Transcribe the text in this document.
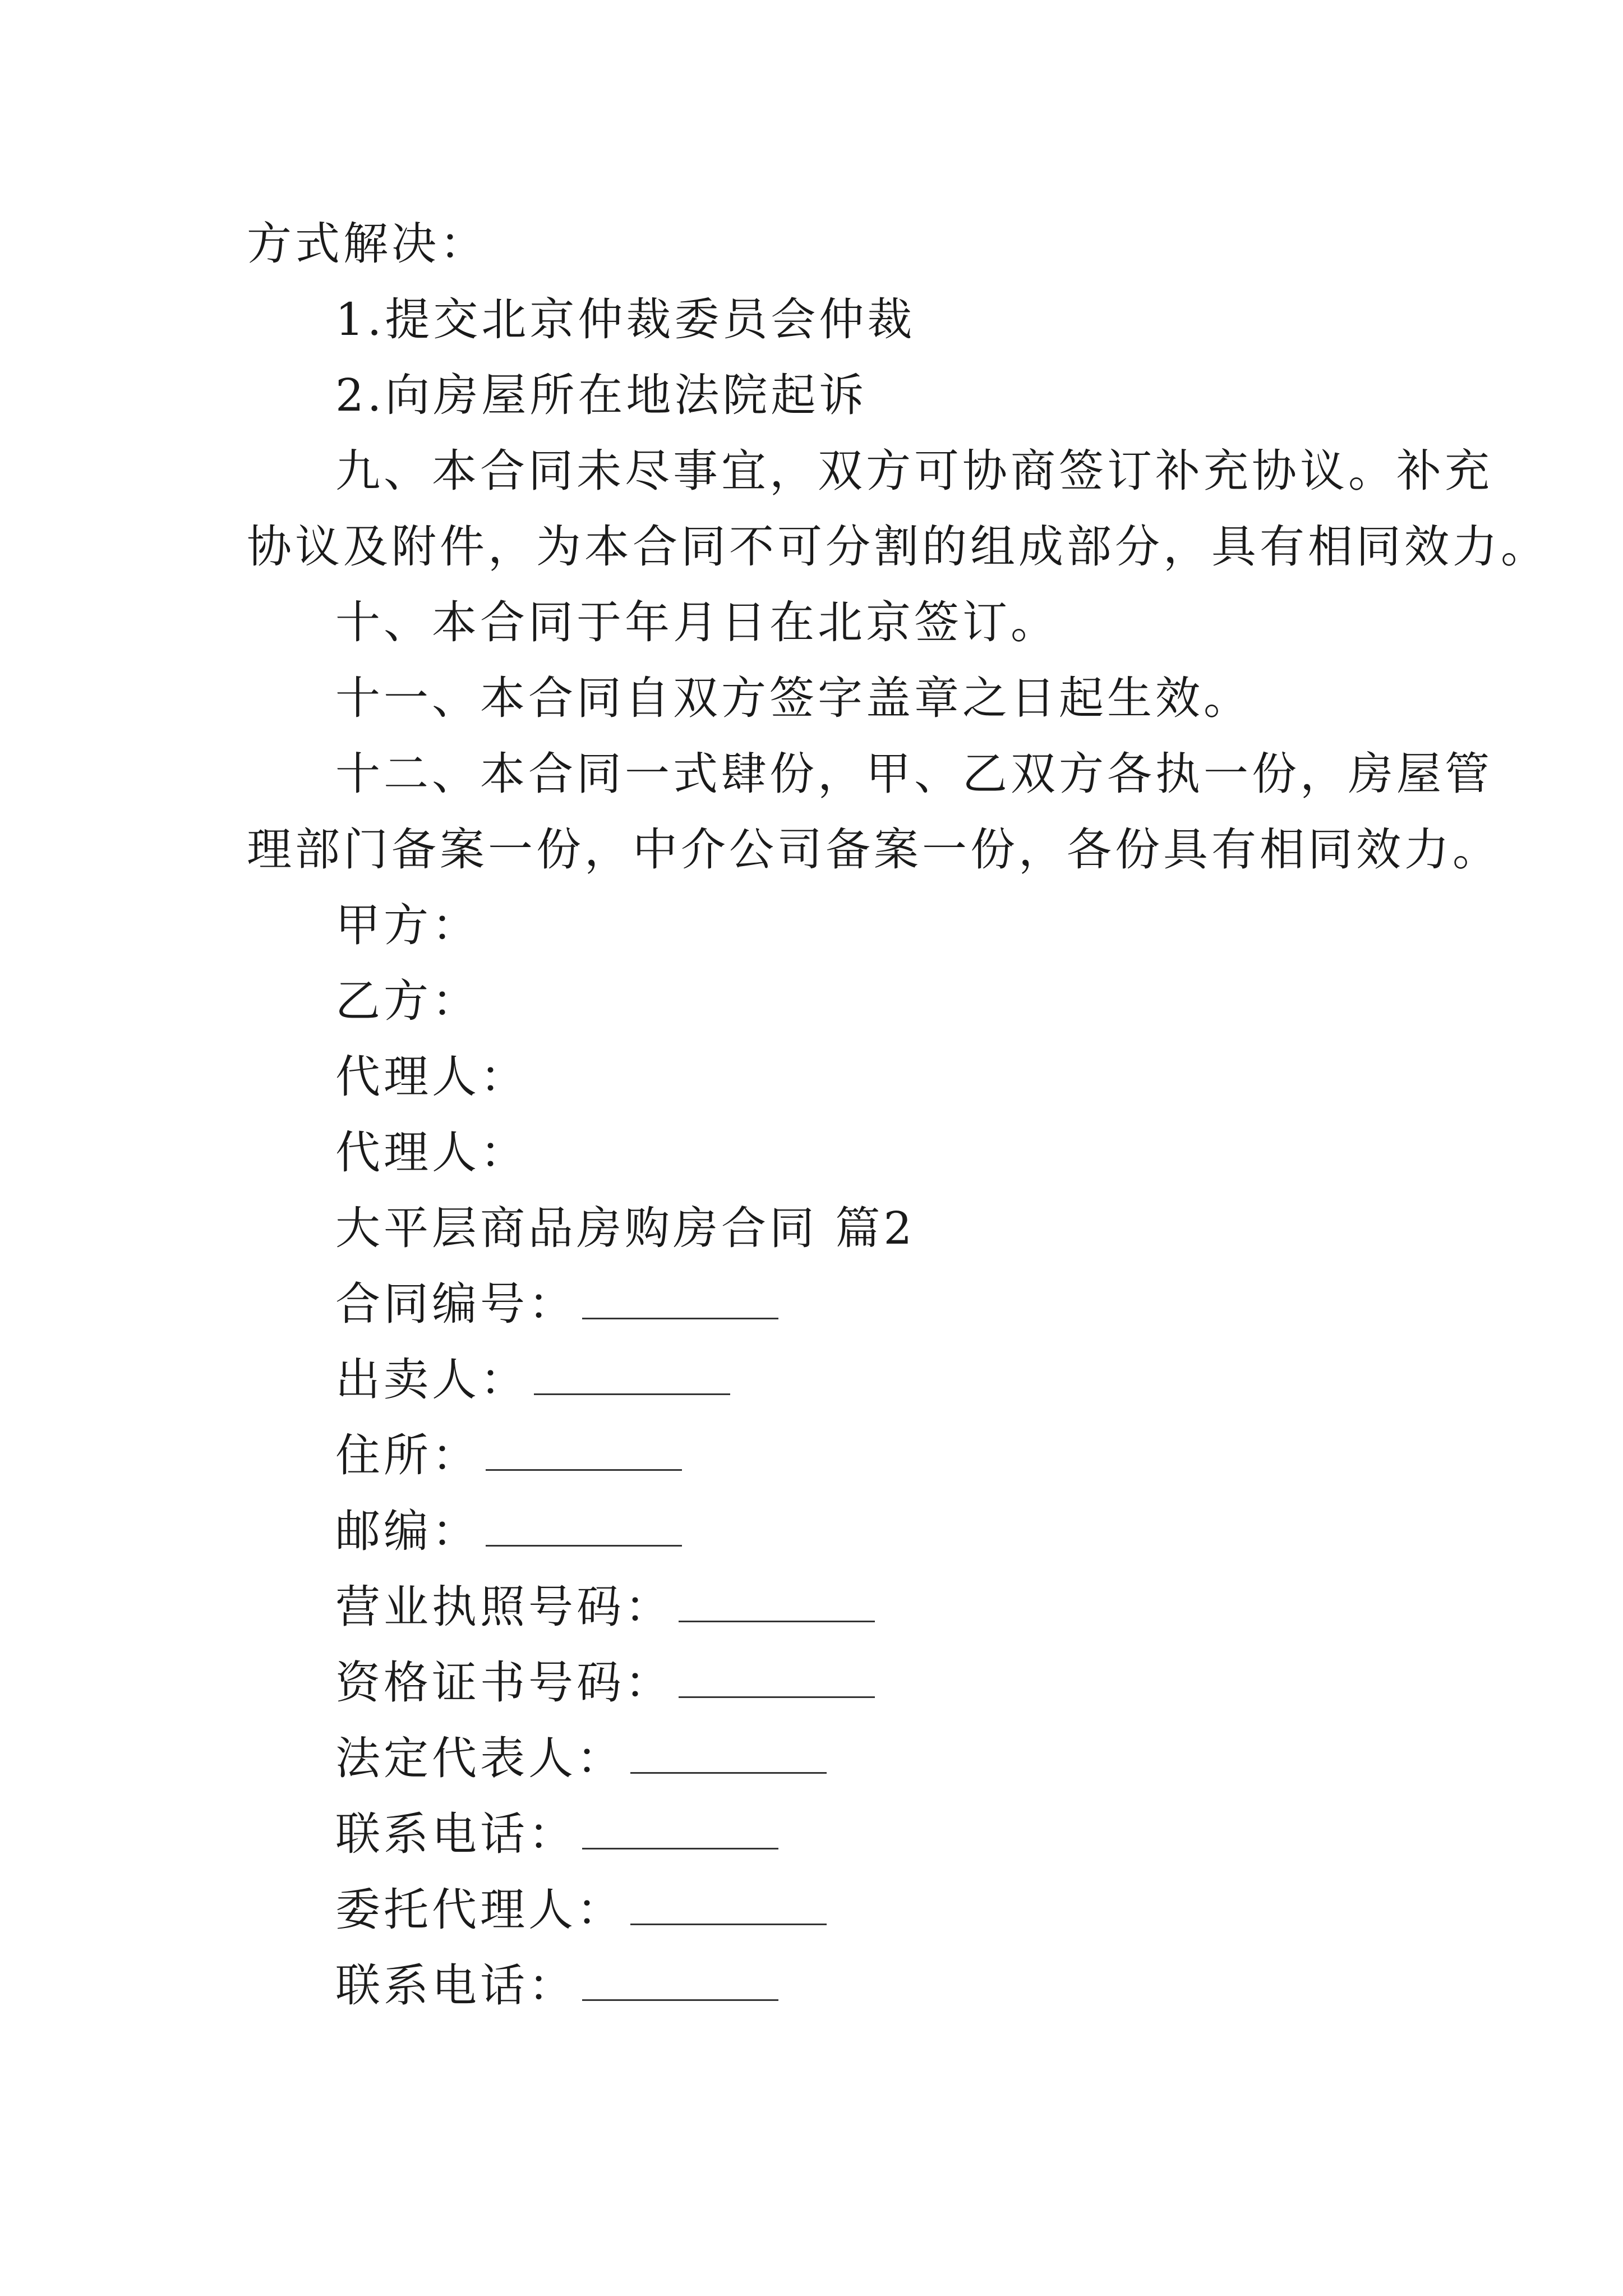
方式解决：
1.提交北京仲裁委员会仲裁
2.向房屋所在地法院起诉
九、本合同未尽事宜，双方可协商签订补充协议。补充
协议及附件，为本合同不可分割的组成部分，具有相同效力。
十、本合同于年月日在北京签订。
十一、本合同自双方签字盖章之日起生效。
十二、本合同一式肆份，甲、乙双方各执一份，房屋管
理部门备案一份，中介公司备案一份，各份具有相同效力。
甲方：
乙方：
代理人：
代理人：
大平层商品房购房合同 篇2
合同编号：
出卖人：
住所：
邮编：
营业执照号码：
资格证书号码：
法定代表人：
联系电话：
委托代理人：
联系电话：
